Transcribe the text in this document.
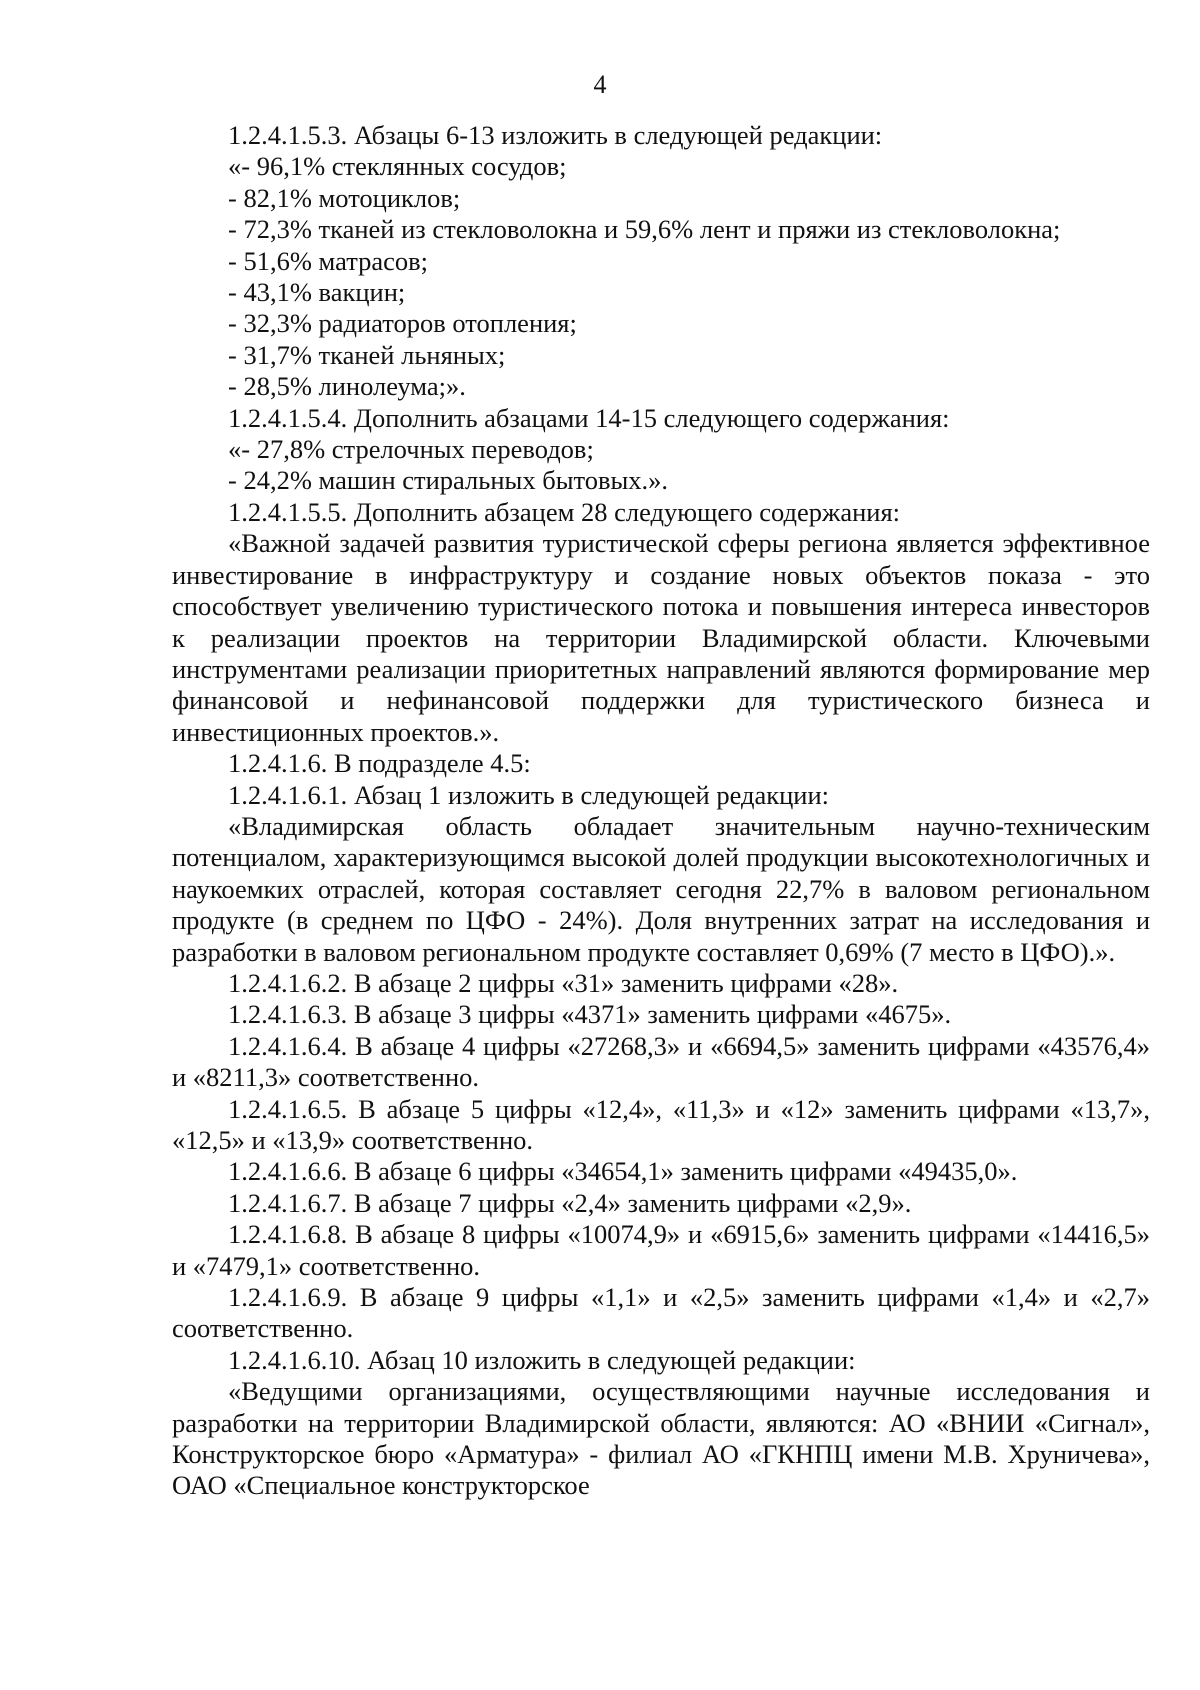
4

1.2.4.1.5.3. Абзацы 6-13 изложить в следующей редакции:

«- 96,1% стеклянных сосудов;

- 82,1% мотоциклов;

- 72,3% тканей из стекловолокна и 59,6% лент и пряжи из стекловолокна;

- 51,6% матрасов;

- 43,1% вакцин;

- 32,3% радиаторов отопления;

- 31,7% тканей льняных;

- 28,5% линолеума;».

1.2.4.1.5.4. Дополнить абзацами 14-15 следующего содержания:

«- 27,8% стрелочных переводов;

- 24,2% машин стиральных бытовых.».

1.2.4.1.5.5. Дополнить абзацем 28 следующего содержания:

«Важной задачей развития туристической сферы региона является эффективное инвестирование в инфраструктуру и создание новых объектов показа - это способствует увеличению туристического потока и повышения интереса инвесторов к реализации проектов на территории Владимирской области. Ключевыми инструментами реализации приоритетных направлений являются формирование мер финансовой и нефинансовой поддержки для туристического бизнеса и инвестиционных проектов.».

1.2.4.1.6. В подразделе 4.5:

1.2.4.1.6.1. Абзац 1 изложить в следующей редакции:

«Владимирская область обладает значительным научно-техническим потенциалом, характеризующимся высокой долей продукции высокотехнологичных и наукоемких отраслей, которая составляет сегодня 22,7% в валовом региональном продукте (в среднем по ЦФО - 24%). Доля внутренних затрат на исследования и разработки в валовом региональном продукте составляет 0,69% (7 место в ЦФО).».

1.2.4.1.6.2. В абзаце 2 цифры «31» заменить цифрами «28».

1.2.4.1.6.3. В абзаце 3 цифры «4371» заменить цифрами «4675».

1.2.4.1.6.4. В абзаце 4 цифры «27268,3» и «6694,5» заменить цифрами «43576,4» и «8211,3» соответственно.

1.2.4.1.6.5. В абзаце 5 цифры «12,4», «11,3» и «12» заменить цифрами «13,7», «12,5» и «13,9» соответственно.

1.2.4.1.6.6. В абзаце 6 цифры «34654,1» заменить цифрами «49435,0».

1.2.4.1.6.7. В абзаце 7 цифры «2,4» заменить цифрами «2,9».

1.2.4.1.6.8. В абзаце 8 цифры «10074,9» и «6915,6» заменить цифрами «14416,5» и «7479,1» соответственно.

1.2.4.1.6.9. В абзаце 9 цифры «1,1» и «2,5» заменить цифрами «1,4» и «2,7» соответственно.

1.2.4.1.6.10. Абзац 10 изложить в следующей редакции:

«Ведущими организациями, осуществляющими научные исследования и разработки на территории Владимирской области, являются: АО «ВНИИ «Сигнал», Конструкторское бюро «Арматура» - филиал АО «ГКНПЦ имени М.В. Хруничева», ОАО «Специальное конструкторское
